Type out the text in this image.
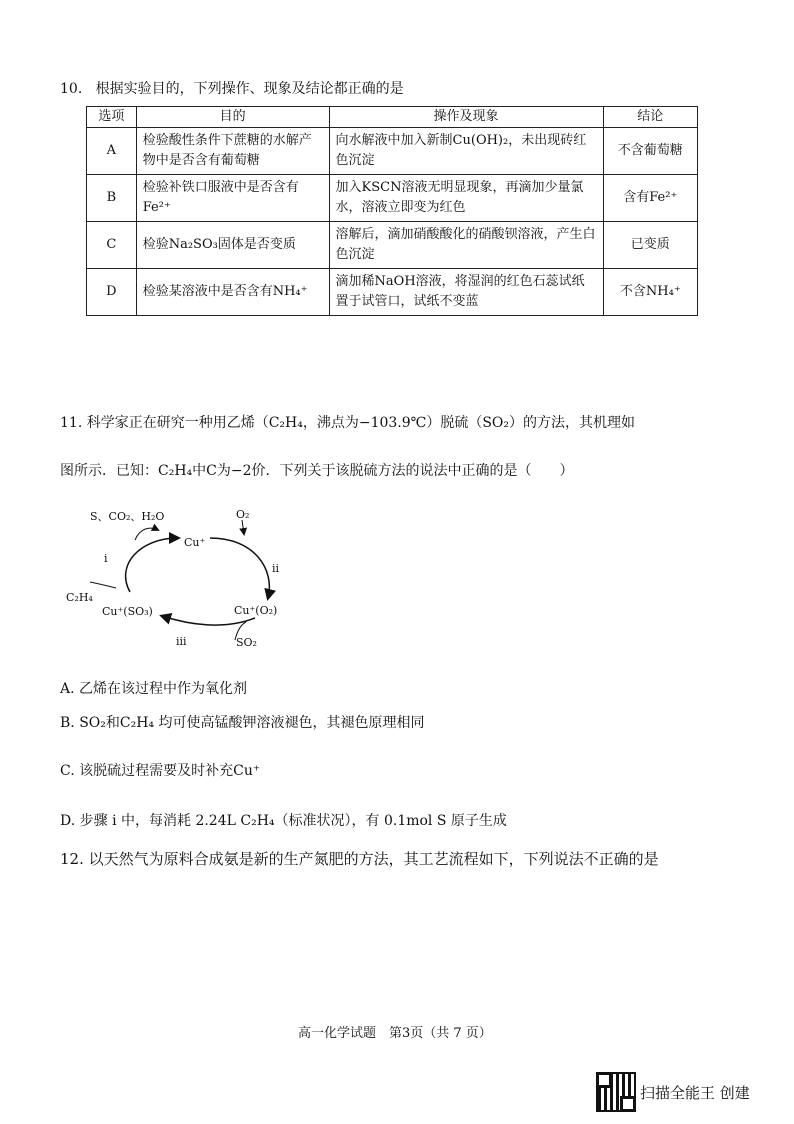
10. 根据实验目的，下列操作、现象及结论都正确的是
选项	目的	操作及现象	结论
A	检验酸性条件下蔗糖的水解产物中是否含有葡萄糖	向水解液中加入新制Cu(OH)₂，未出现砖红色沉淀	不含葡萄糖
B	检验补铁口服液中是否含有Fe²⁺	加入KSCN溶液无明显现象，再滴加少量氯水，溶液立即变为红色	含有Fe²⁺
C	检验Na₂SO₃固体是否变质	溶解后，滴加硝酸酸化的硝酸钡溶液，产生白色沉淀	已变质
D	检验某溶液中是否含有NH₄⁺	滴加稀NaOH溶液，将湿润的红色石蕊试纸置于试管口，试纸不变蓝	不含NH₄⁺
11. 科学家正在研究一种用乙烯（C₂H₄，沸点为−103.9℃）脱硫（SO₂）的方法，其机理如
图所示．已知：C₂H₄中C为−2价．下列关于该脱硫方法的说法中正确的是（　　）
S、CO₂、H₂O	O₂
Cu⁺
Cu⁺(O₂)
Cu⁺(SO₃)
SO₂
C₂H₄
i
ii
iii
A. 乙烯在该过程中作为氧化剂
B. SO₂和C₂H₄ 均可使高锰酸钾溶液褪色，其褪色原理相同
C. 该脱硫过程需要及时补充Cu⁺
D. 步骤 i 中，每消耗 2.24L C₂H₄（标准状况），有 0.1mol S 原子生成
12. 以天然气为原料合成氨是新的生产氮肥的方法，其工艺流程如下，下列说法不正确的是
高一化学试题　第3页（共 7 页）
扫描全能王 创建
